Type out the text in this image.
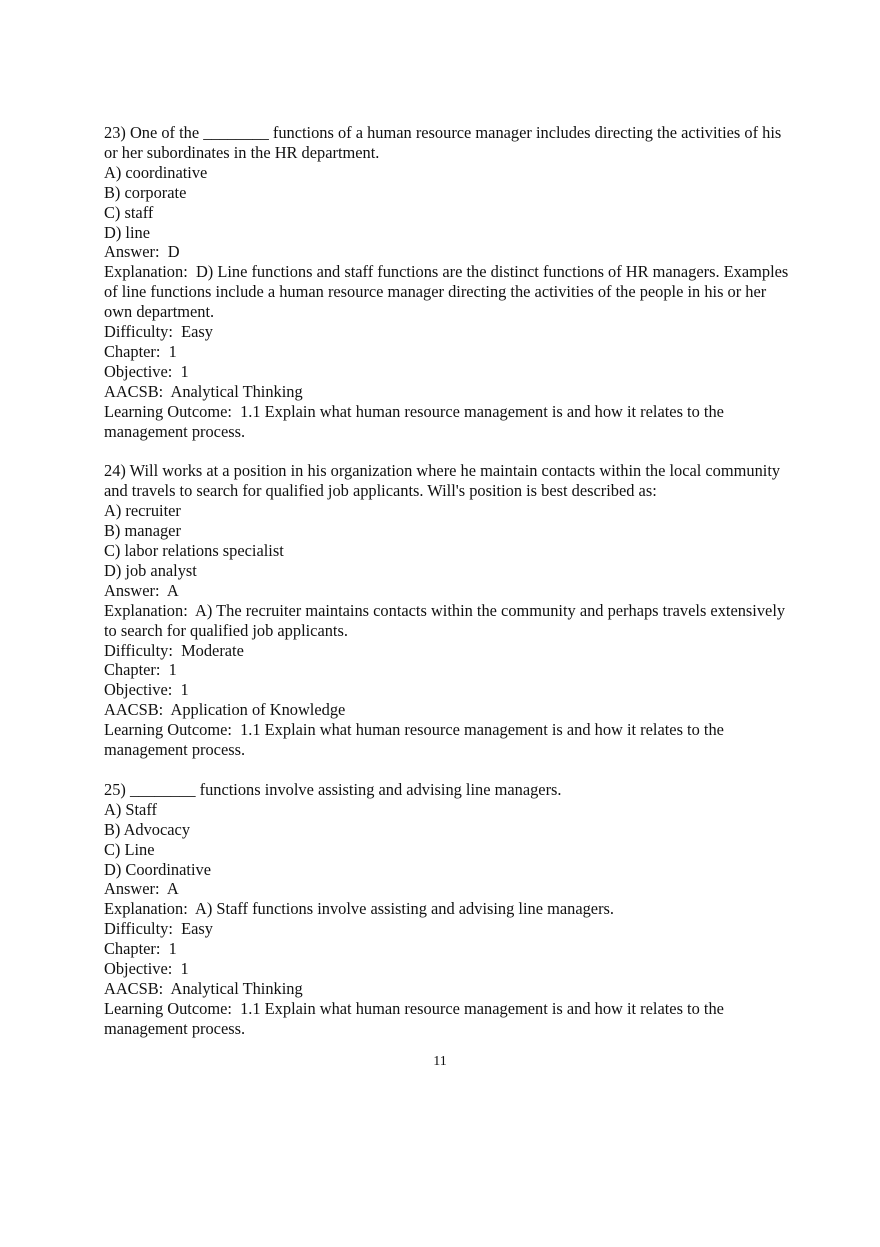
23) One of the ________ functions of a human resource manager includes directing the activities of his or her subordinates in the HR department.
A) coordinative
B) corporate
C) staff
D) line
Answer:  D
Explanation:  D) Line functions and staff functions are the distinct functions of HR managers. Examples of line functions include a human resource manager directing the activities of the people in his or her own department.
Difficulty:  Easy
Chapter:  1
Objective:  1
AACSB:  Analytical Thinking
Learning Outcome:  1.1 Explain what human resource management is and how it relates to the management process.
24) Will works at a position in his organization where he maintain contacts within the local community and travels to search for qualified job applicants. Will's position is best described as:
A) recruiter
B) manager
C) labor relations specialist
D) job analyst
Answer:  A
Explanation:  A) The recruiter maintains contacts within the community and perhaps travels extensively to search for qualified job applicants.
Difficulty:  Moderate
Chapter:  1
Objective:  1
AACSB:  Application of Knowledge
Learning Outcome:  1.1 Explain what human resource management is and how it relates to the management process.
25) ________ functions involve assisting and advising line managers.
A) Staff
B) Advocacy
C) Line
D) Coordinative
Answer:  A
Explanation:  A) Staff functions involve assisting and advising line managers.
Difficulty:  Easy
Chapter:  1
Objective:  1
AACSB:  Analytical Thinking
Learning Outcome:  1.1 Explain what human resource management is and how it relates to the management process.
11
